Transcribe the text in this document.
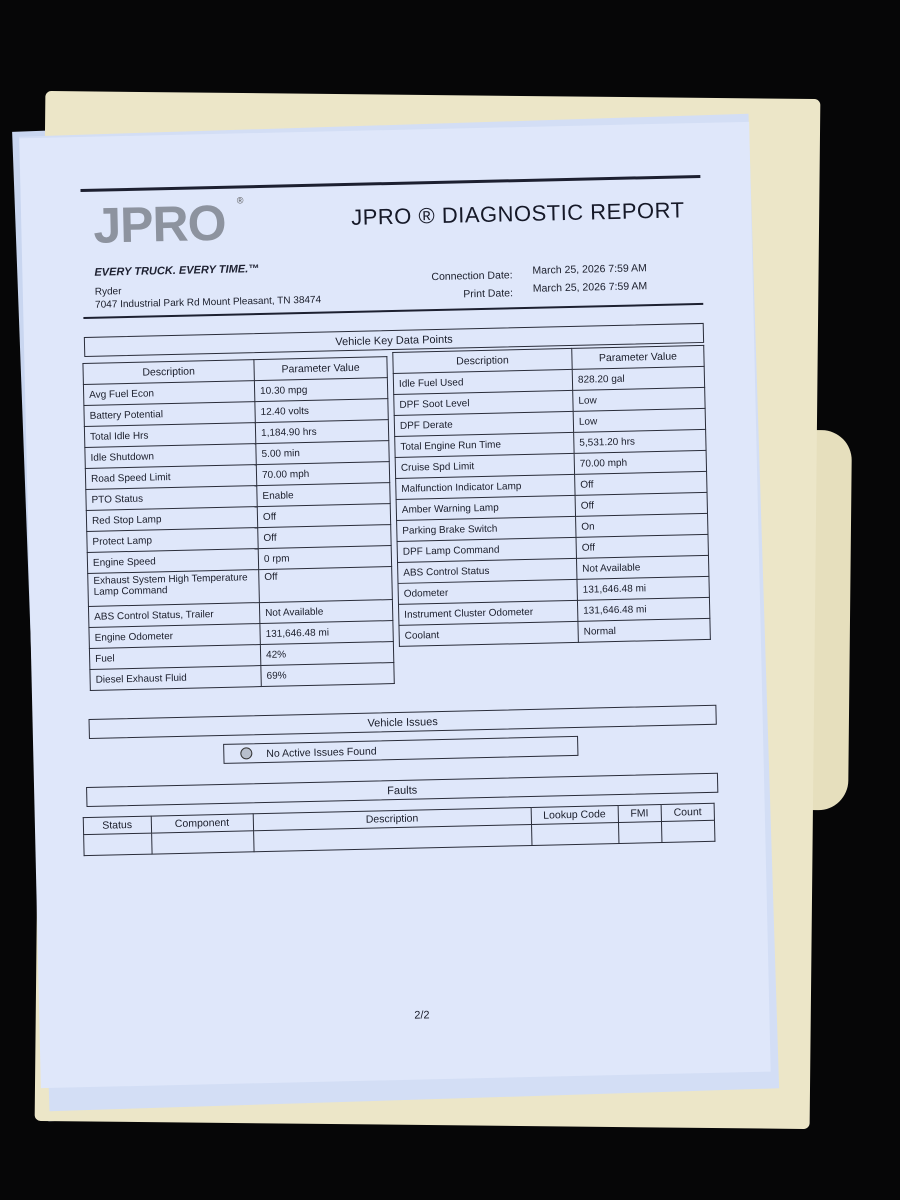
JPRO ®
EVERY TRUCK. EVERY TIME.™
JPRO ® DIAGNOSTIC REPORT
Ryder
7047 Industrial Park Rd Mount Pleasant, TN 38474
Connection Date: March 25, 2026 7:59 AM
Print Date: March 25, 2026 7:59 AM
Vehicle Key Data Points
Description	Parameter Value
Avg Fuel Econ	10.30 mpg
Battery Potential	12.40 volts
Total Idle Hrs	1,184.90 hrs
Idle Shutdown	5.00 min
Road Speed Limit	70.00 mph
PTO Status	Enable
Red Stop Lamp	Off
Protect Lamp	Off
Engine Speed	0 rpm
Exhaust System High Temperature Lamp Command	Off
ABS Control Status, Trailer	Not Available
Engine Odometer	131,646.48 mi
Fuel	42%
Diesel Exhaust Fluid	69%
Description	Parameter Value
Idle Fuel Used	828.20 gal
DPF Soot Level	Low
DPF Derate	Low
Total Engine Run Time	5,531.20 hrs
Cruise Spd Limit	70.00 mph
Malfunction Indicator Lamp	Off
Amber Warning Lamp	Off
Parking Brake Switch	On
DPF Lamp Command	Off
ABS Control Status	Not Available
Odometer	131,646.48 mi
Instrument Cluster Odometer	131,646.48 mi
Coolant	Normal
Vehicle Issues
No Active Issues Found
Faults
Status	Component	Description	Lookup Code	FMI	Count

2/2
